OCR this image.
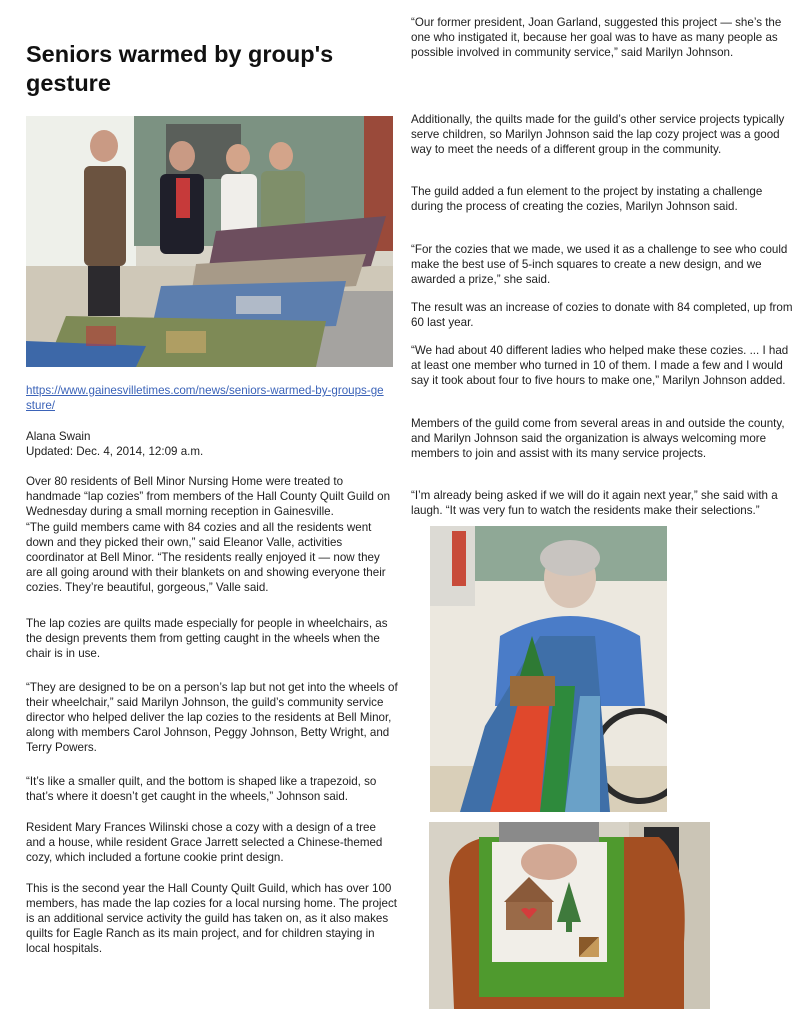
Seniors warmed by group's gesture
https://www.gainesvilletimes.com/news/seniors-warmed-by-groups-gesture/

Alana Swain

Updated: Dec. 4, 2014, 12:09 a.m.

Over 80 residents of Bell Minor Nursing Home were treated to handmade “lap cozies” from members of the Hall County Quilt Guild on Wednesday during a small morning reception in Gainesville.

“The guild members came with 84 cozies and all the residents went down and they picked their own,” said Eleanor Valle, activities coordinator at Bell Minor. “The residents really enjoyed it — now they are all going around with their blankets on and showing everyone their cozies. They’re beautiful, gorgeous,” Valle said.

The lap cozies are quilts made especially for people in wheelchairs, as the design prevents them from getting caught in the wheels when the chair is in use.

“They are designed to be on a person’s lap but not get into the wheels of their wheelchair,” said Marilyn Johnson, the guild’s community service director who helped deliver the lap cozies to the residents at Bell Minor, along with members Carol Johnson, Peggy Johnson, Betty Wright, and Terry Powers.

“It’s like a smaller quilt, and the bottom is shaped like a trapezoid, so that’s where it doesn’t get caught in the wheels,” Johnson said.

Resident Mary Frances Wilinski chose a cozy with a design of a tree and a house, while resident Grace Jarrett selected a Chinese-themed cozy, which included a fortune cookie print design.

This is the second year the Hall County Quilt Guild, which has over 100 members, has made the lap cozies for a local nursing home. The project is an additional service activity the guild has taken on, as it also makes quilts for Eagle Ranch as its main project, and for children staying in local hospitals.

“Our former president, Joan Garland, suggested this project — she’s the one who instigated it, because her goal was to have as many people as possible involved in community service,” said Marilyn Johnson.

Additionally, the quilts made for the guild’s other service projects typically serve children, so Marilyn Johnson said the lap cozy project was a good way to meet the needs of a different group in the community.

The guild added a fun element to the project by instating a challenge during the process of creating the cozies, Marilyn Johnson said.

“For the cozies that we made, we used it as a challenge to see who could make the best use of 5-inch squares to create a new design, and we awarded a prize,” she said.

The result was an increase of cozies to donate with 84 completed, up from 60 last year.

“We had about 40 different ladies who helped make these cozies. ... I had at least one member who turned in 10 of them. I made a few and I would say it took about four to five hours to make one,” Marilyn Johnson added.

Members of the guild come from several areas in and outside the county, and Marilyn Johnson said the organization is always welcoming more members to join and assist with its many service projects.

“I’m already being asked if we will do it again next year,” she said with a laugh. “It was very fun to watch the residents make their selections.”
